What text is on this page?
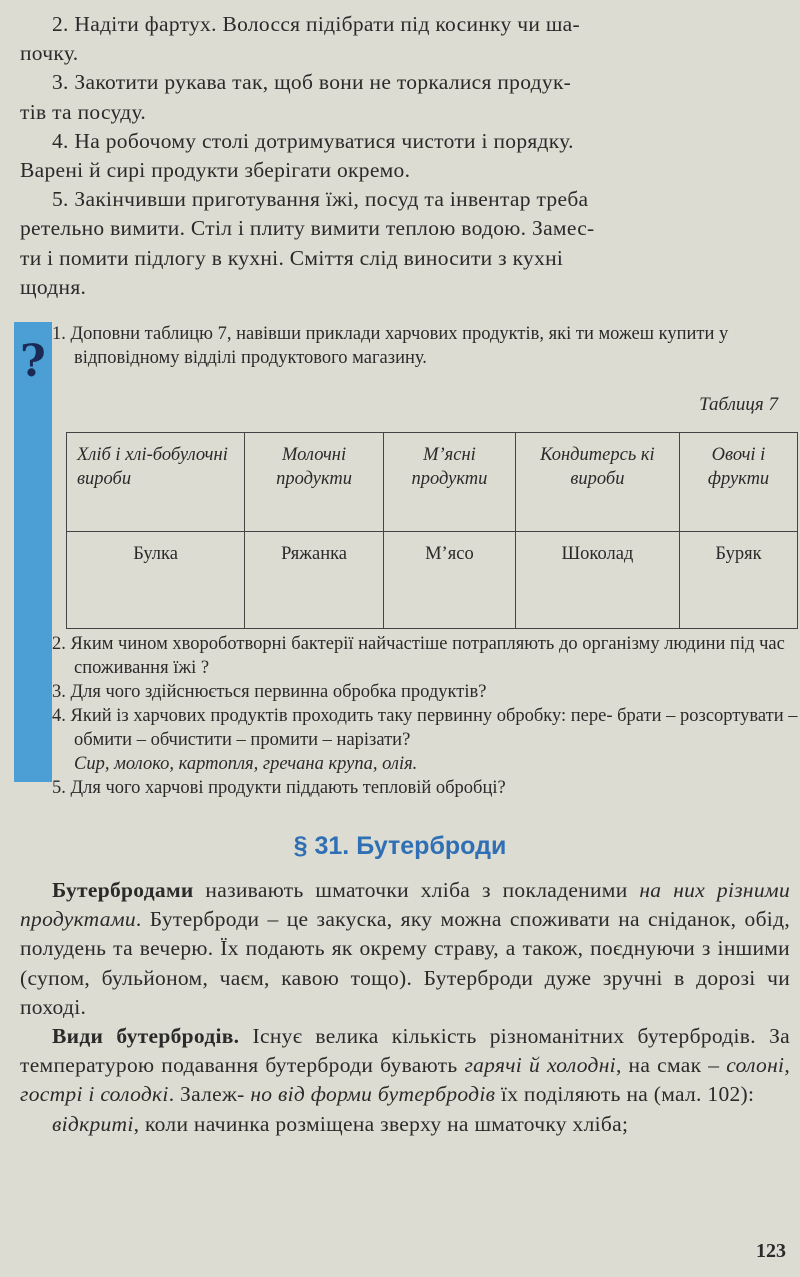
2. Надіти фартух. Волосся підібрати під косинку чи ша-

почку.

3. Закотити рукава так, щоб вони не торкалися продук-

тів та посуду.

4. На робочому столі дотримуватися чистоти і порядку.

Варені й сирі продукти зберігати окремо.

5. Закінчивши приготування їжі, посуд та інвентар треба

ретельно вимити. Стіл і плиту вимити теплою водою. Замес-

ти і помити підлогу в кухні. Сміття слід виносити з кухні

щодня.

?

1. Доповни таблицю 7, навівши приклади харчових продуктів, які ти можеш купити у відповідному відділі продуктового магазину.

Таблиця 7
Хліб і хлі-бобулочні вироби	Молочні продукти	М’ясні продукти	Кондитерсь кі вироби	Овочі і фрукти
Булка	Ряжанка	М’ясо	Шоколад	Буряк

2. Яким чином хвороботворні бактерії найчастіше потрапляють до організму людини під час споживання їжі ?

3. Для чого здійснюється первинна обробка продуктів?

4. Який із харчових продуктів проходить таку первинну обробку: пере- брати – розсортувати – обмити – обчистити – промити – нарізати?

Сир, молоко, картопля, гречана крупа, олія.

5. Для чого харчові продукти піддають тепловій обробці?

§ 31. Бутерброди

Бутербродами називають шматочки хліба з покладеними на них різними продуктами. Бутерброди – це закуска, яку можна споживати на сніданок, обід, полудень та вечерю. Їх подають як окрему страву, а також, поєднуючи з іншими (супом, бульйоном, чаєм, кавою тощо). Бутерброди дуже зручні в дорозі чи поході.

Види бутербродів. Існує велика кількість різноманітних бутербродів. За температурою подавання бутерброди бувають гарячі й холодні, на смак – солоні, гострі і солодкі. Залеж- но від форми бутербродів їх поділяють на (мал. 102):

відкриті, коли начинка розміщена зверху на шматочку хліба;

123
